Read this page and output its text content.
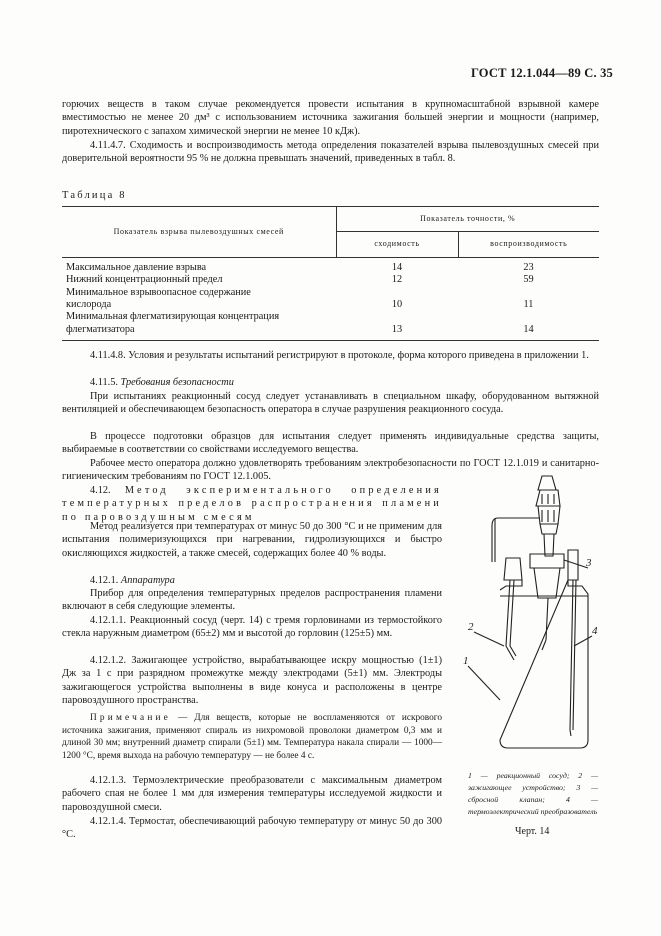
ГОСТ 12.1.044—89 С. 35

горючих веществ в таком случае рекомендуется провести испытания в крупномасштабной взрывной камере вместимостью не менее 20 дм³ с использованием источника зажигания большей энергии и мощности (например, пиротехнического с запахом химической энергии не менее 10 кДж).

4.11.4.7. Сходимость и воспроизводимость метода определения показателей взрыва пылевоздушных смесей при доверительной вероятности 95 % не должна превышать значений, приведенных в табл. 8.

Таблица 8
Показатель взрыва пылевоздушных смесей	Показатель точности, %	
	сходимость	воспроизводимость
Максимальное давление взрыва	14	23
Нижний концентрационный предел	12	59
Минимальное взрывоопасное содержание кислорода	10	11
Минимальная флегматизирующая концентрация флегматизатора	13	14

4.11.4.8. Условия и результаты испытаний регистрируют в протоколе, форма которого приведена в приложении 1.

4.11.5. Требования безопасности

При испытаниях реакционный сосуд следует устанавливать в специальном шкафу, оборудованном вытяжной вентиляцией и обеспечивающем безопасность оператора в случае разрушения реакционного сосуда.

В процессе подготовки образцов для испытания следует применять индивидуальные средства защиты, выбираемые в соответствии со свойствами исследуемого вещества.

Рабочее место оператора должно удовлетворять требованиям электробезопасности по ГОСТ 12.1.019 и санитарно-гигиеническим требованиям по ГОСТ 12.1.005.

4.12. Метод экспериментального определения температурных пределов распространения пламени по паровоздушным смесям

Метод реализуется при температурах от минус 50 до 300 °С и не применим для испытания полимеризующихся при нагревании, гидролизующихся и быстро окисляющихся жидкостей, а также смесей, содержащих более 40 % воды.

4.12.1. Аппаратура

Прибор для определения температурных пределов распространения пламени включают в себя следующие элементы.

4.12.1.1. Реакционный сосуд (черт. 14) с тремя горловинами из термостойкого стекла наружным диаметром (65±2) мм и высотой до горловин (125±5) мм.

4.12.1.2. Зажигающее устройство, вырабатывающее искру мощностью (1±1) Дж за 1 с при разрядном промежутке между электродами (5±1) мм. Электроды зажигающегося устройства выполнены в виде конуса и расположены в центре паровоздушного пространства.

Примечание — Для веществ, которые не воспламеняются от искрового источника зажигания, применяют спираль из нихромовой проволоки диаметром 0,3 мм и длиной 30 мм; внутренний диаметр спирали (5±1) мм. Температура накала спирали — 1000—1200 °С, время выхода на рабочую температуру — не более 4 с.

4.12.1.3. Термоэлектрические преобразователи с максимальным диаметром рабочего спая не более 1 мм для измерения температуры исследуемой жидкости и паровоздушной смеси.

4.12.1.4. Термостат, обеспечивающий рабочую температуру от минус 50 до 300 °С.

1
2
3
4
1 — реакционный сосуд; 2 — зажигающее устройство; 3 — сбросной клапан; 4 — термоэлектрический преобразователь
Черт. 14
